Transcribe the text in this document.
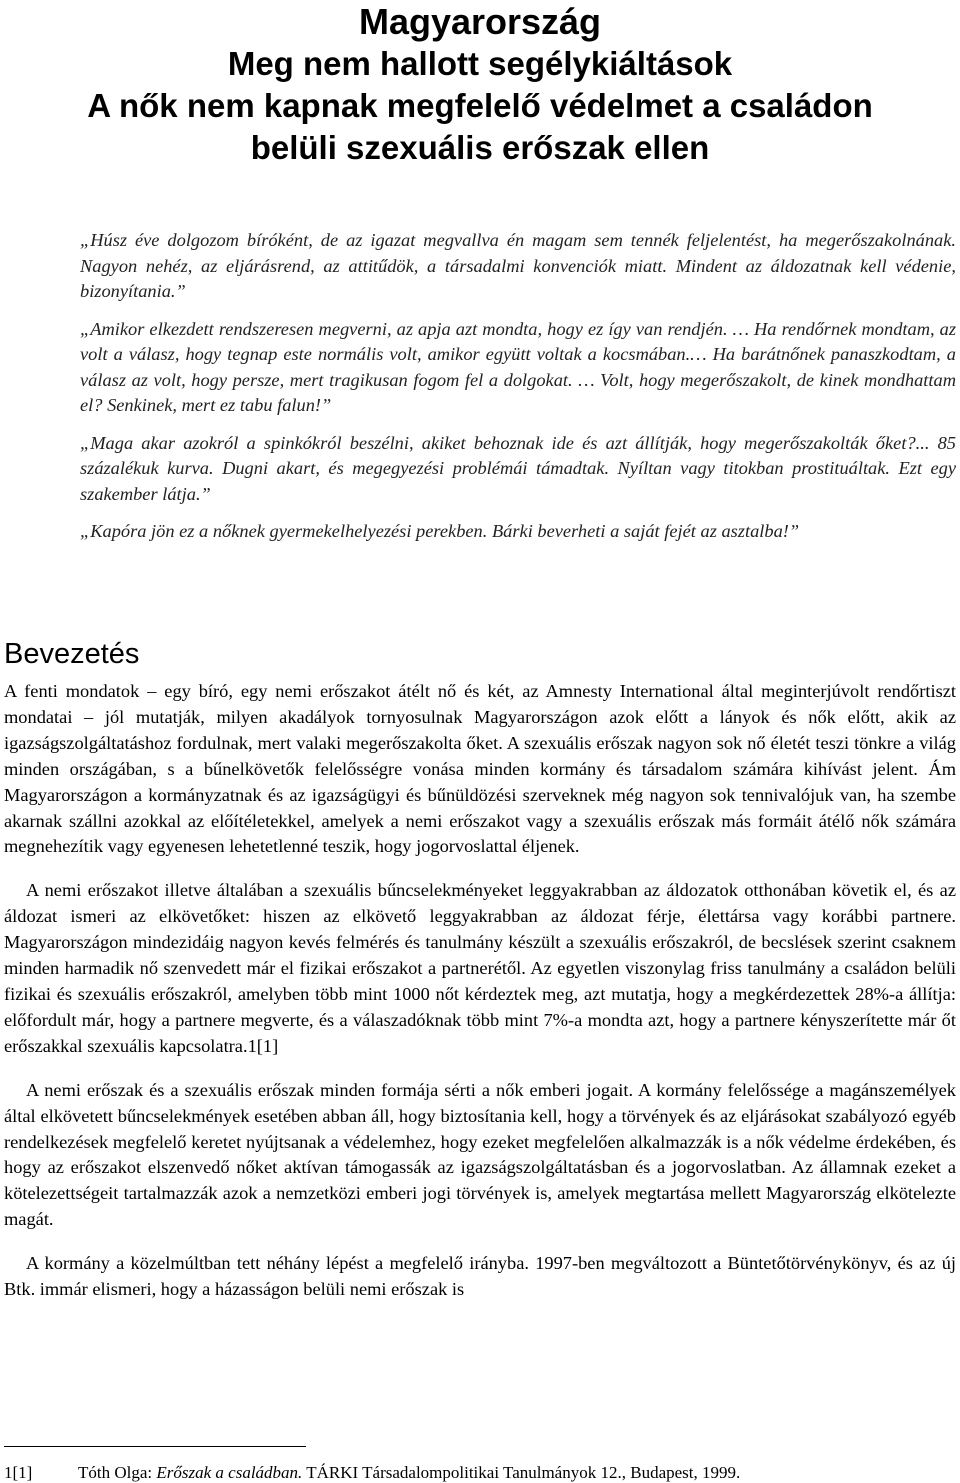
Magyarország
Meg nem hallott segélykiáltások
A nők nem kapnak megfelelő védelmet a családon
belüli szexuális erőszak ellen

„Húsz éve dolgozom bíróként, de az igazat megvallva én magam sem tennék feljelentést, ha megerőszakolnának. Nagyon nehéz, az eljárásrend, az attitűdök, a társadalmi konvenciók miatt. Mindent az áldozatnak kell védenie, bizonyítania.”

„Amikor elkezdett rendszeresen megverni, az apja azt mondta, hogy ez így van rendjén. … Ha rendőrnek mondtam, az volt a válasz, hogy tegnap este normális volt, amikor együtt voltak a kocsmában.… Ha barátnőnek panaszkodtam, a válasz az volt, hogy persze, mert tragikusan fogom fel a dolgokat. … Volt, hogy megerőszakolt, de kinek mondhattam el? Senkinek, mert ez tabu falun!”

„Maga akar azokról a spinkókról beszélni, akiket behoznak ide és azt állítják, hogy megerőszakolták őket?... 85 százalékuk kurva. Dugni akart, és megegyezési problémái támadtak. Nyíltan vagy titokban prostituáltak. Ezt egy szakember látja.”

„Kapóra jön ez a nőknek gyermekelhelyezési perekben. Bárki beverheti a saját fejét az asztalba!”

Bevezetés

A fenti mondatok – egy bíró, egy nemi erőszakot átélt nő és két, az Amnesty International által meginterjúvolt rendőrtiszt mondatai – jól mutatják, milyen akadályok tornyosulnak Magyarországon azok előtt a lányok és nők előtt, akik az igazságszolgáltatáshoz fordulnak, mert valaki megerőszakolta őket. A szexuális erőszak nagyon sok nő életét teszi tönkre a világ minden országában, s a bűnelkövetők felelősségre vonása minden kormány és társadalom számára kihívást jelent. Ám Magyarországon a kormányzatnak és az igazságügyi és bűnüldözési szerveknek még nagyon sok tennivalójuk van, ha szembe akarnak szállni azokkal az előítéletekkel, amelyek a nemi erőszakot vagy a szexuális erőszak más formáit átélő nők számára megnehezítik vagy egyenesen lehetetlenné teszik, hogy jogorvoslattal éljenek.

A nemi erőszakot illetve általában a szexuális bűncselekményeket leggyakrabban az áldozatok otthonában követik el, és az áldozat ismeri az elkövetőket: hiszen az elkövető leggyakrabban az áldozat férje, élettársa vagy korábbi partnere. Magyarországon mindezidáig nagyon kevés felmérés és tanulmány készült a szexuális erőszakról, de becslések szerint csaknem minden harmadik nő szenvedett már el fizikai erőszakot a partnerétől. Az egyetlen viszonylag friss tanulmány a családon belüli fizikai és szexuális erőszakról, amelyben több mint 1000 nőt kérdeztek meg, azt mutatja, hogy a megkérdezettek 28%-a állítja: előfordult már, hogy a partnere megverte, és a válaszadóknak több mint 7%-a mondta azt, hogy a partnere kényszerítette már őt erőszakkal szexuális kapcsolatra.1[1]

A nemi erőszak és a szexuális erőszak minden formája sérti a nők emberi jogait. A kormány felelőssége a magánszemélyek által elkövetett bűncselekmények esetében abban áll, hogy biztosítania kell, hogy a törvények és az eljárásokat szabályozó egyéb rendelkezések megfelelő keretet nyújtsanak a védelemhez, hogy ezeket megfelelően alkalmazzák is a nők védelme érdekében, és hogy az erőszakot elszenvedő nőket aktívan támogassák az igazságszolgáltatásban és a jogorvoslatban. Az államnak ezeket a kötelezettségeit tartalmazzák azok a nemzetközi emberi jogi törvények is, amelyek megtartása mellett Magyarország elkötelezte magát.

A kormány a közelmúltban tett néhány lépést a megfelelő irányba. 1997-ben megváltozott a Büntetőtörvénykönyv, és az új Btk. immár elismeri, hogy a házasságon belüli nemi erőszak is

1[1]	Tóth Olga: Erőszak a családban. TÁRKI Társadalompolitikai Tanulmányok 12., Budapest, 1999.
